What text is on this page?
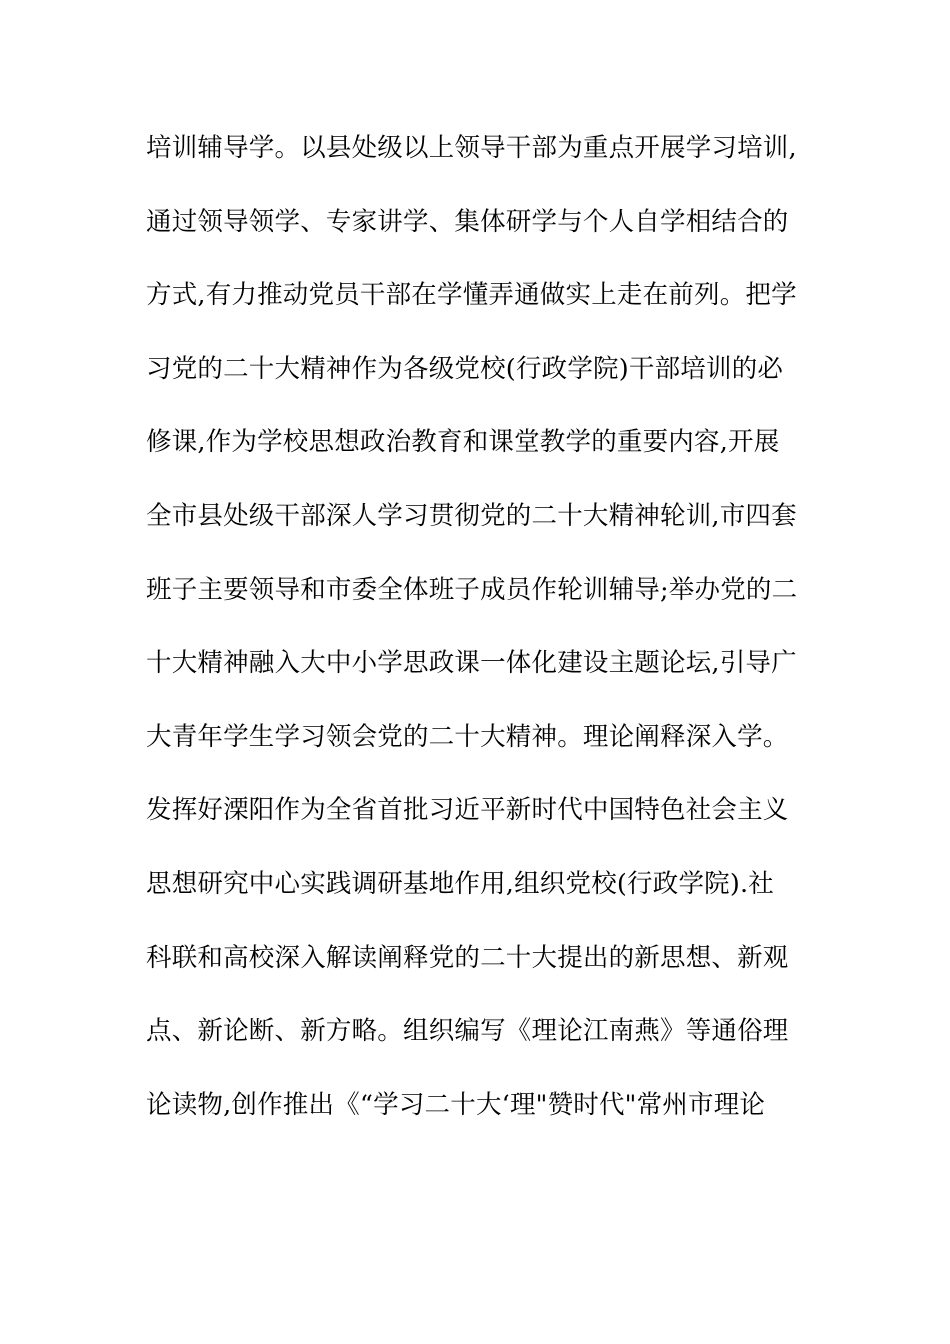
培训辅导学。以县处级以上领导干部为重点开展学习培训,
通过领导领学、专家讲学、集体研学与个人自学相结合的
方式,有力推动党员干部在学懂弄通做实上走在前列。把学
习党的二十大精神作为各级党校(行政学院)干部培训的必
修课,作为学校思想政治教育和课堂教学的重要内容,开展
全市县处级干部深人学习贯彻党的二十大精神轮训,市四套
班子主要领导和市委全体班子成员作轮训辅导;举办党的二
十大精神融入大中小学思政课一体化建设主题论坛,引导广
大青年学生学习领会党的二十大精神。理论阐释深入学。
发挥好溧阳作为全省首批习近平新时代中国特色社会主义
思想研究中心实践调研基地作用,组织党校(行政学院).社
科联和高校深入解读阐释党的二十大提出的新思想、新观
点、新论断、新方略。组织编写《理论江南燕》等通俗理
论读物,创作推出《“学习二十大‘理"赞时代"常州市理论
